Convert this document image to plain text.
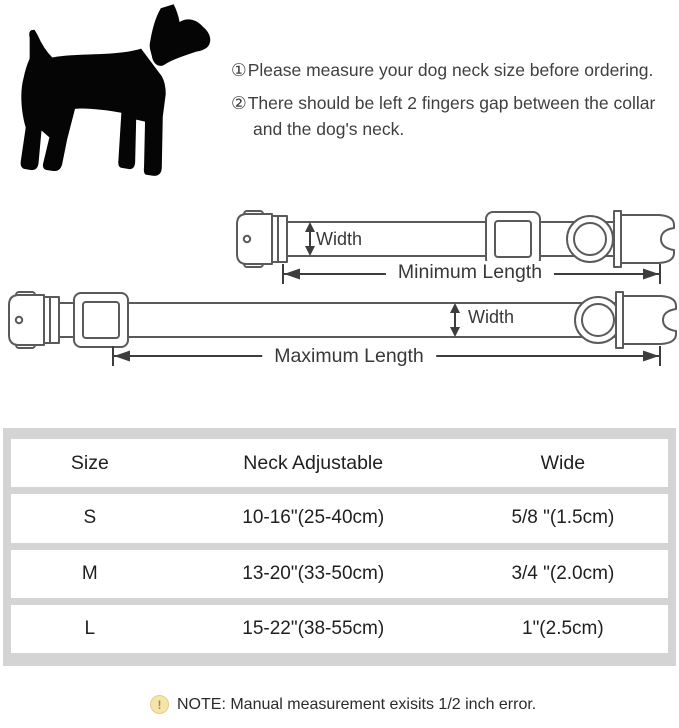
①Please measure your dog neck size before ordering.

②There should be left 2 fingers gap between the collar and the dog's neck.

Width
Minimum Length
Width
Maximum Length
Size	Neck Adjustable	Wide
S	10-16"(25-40cm)	5/8 "(1.5cm)
M	13-20"(33-50cm)	3/4 "(2.0cm)
L	15-22"(38-55cm)	1"(2.5cm)
! NOTE: Manual measurement exisits 1/2 inch error.
